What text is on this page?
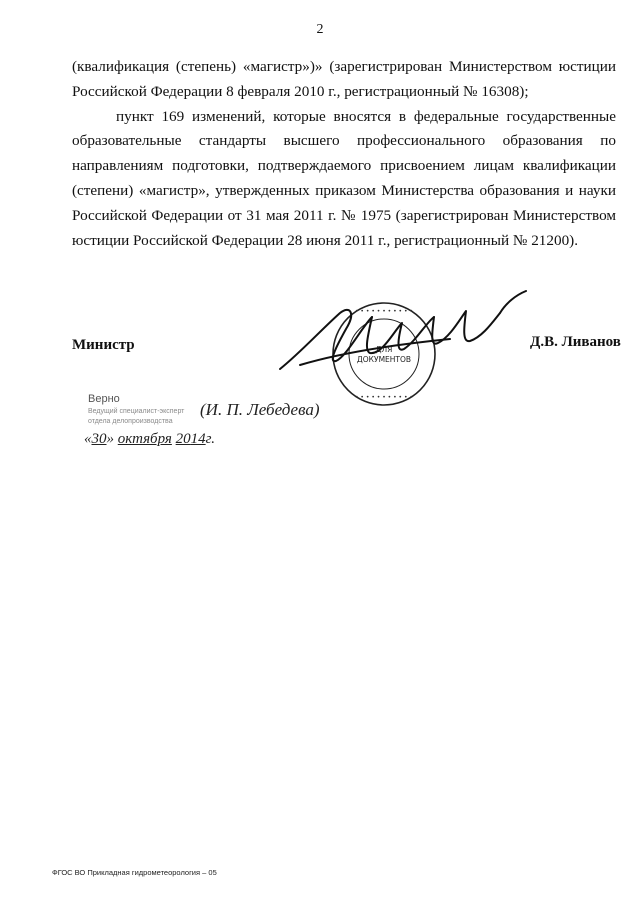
2

(квалификация (степень) «магистр»)» (зарегистрирован Министерством юстиции Российской Федерации 8 февраля 2010 г., регистрационный № 16308);

пункт 169 изменений, которые вносятся в федеральные государственные образовательные стандарты высшего профессионального образования по направлениям подготовки, подтверждаемого присвоением лицам квалификации (степени) «магистр», утвержденных приказом Министерства образования и науки Российской Федерации от 31 мая 2011 г. № 1975 (зарегистрирован Министерством юстиции Российской Федерации 28 июня 2011 г., регистрационный № 21200).

Министр
• • • • • • • • • • •
• • • • • • • • • • •
ДЛЯ
ДОКУМЕНТОВ
Д.В. Ливанов
Верно
Ведущий специалист-эксперт
отдела делопроизводства
«30» октября 2014г.
(И. П. Лебедева)
ФГОС ВО Прикладная гидрометеорология – 05
